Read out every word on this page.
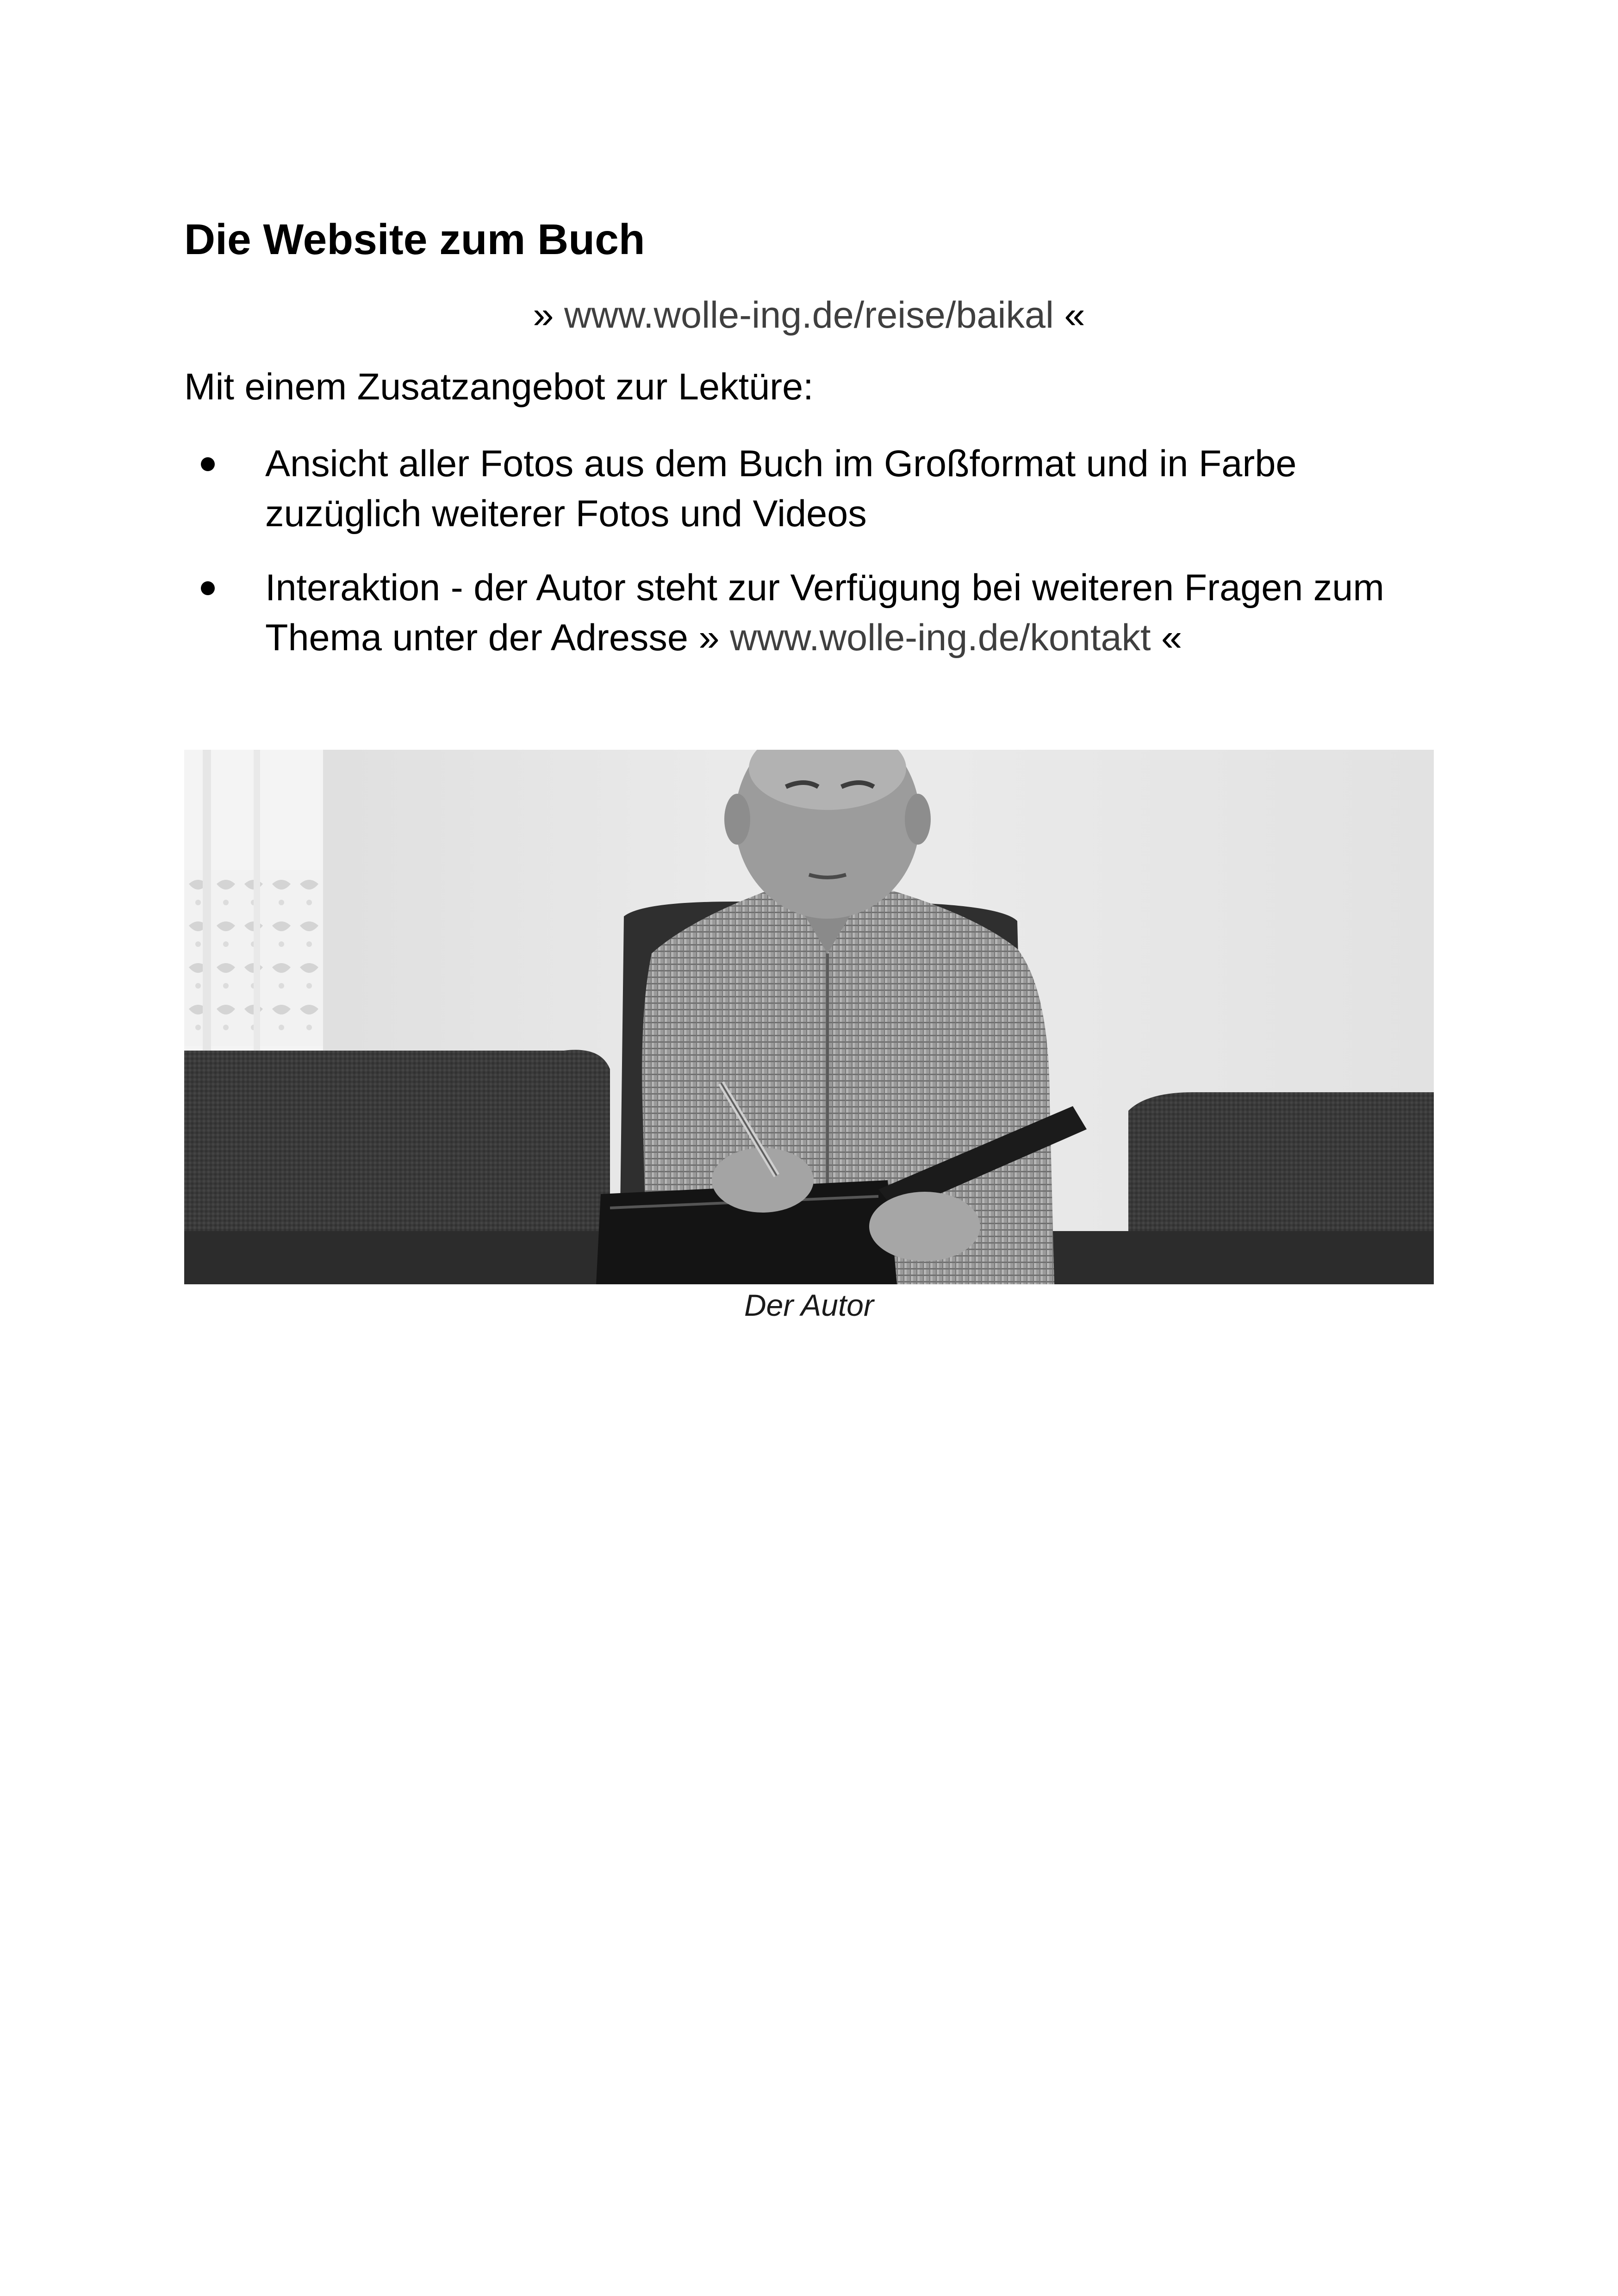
Die Website zum Buch
» www.wolle-ing.de/reise/baikal «
Mit einem Zusatzangebot zur Lektüre:
Ansicht aller Fotos aus dem Buch im Großformat und in Farbe zuzüglich weiterer Fotos und Videos
Interaktion - der Autor steht zur Verfügung bei weiteren Fragen zum Thema unter der Adresse » www.wolle-ing.de/kontakt «
Der Autor
